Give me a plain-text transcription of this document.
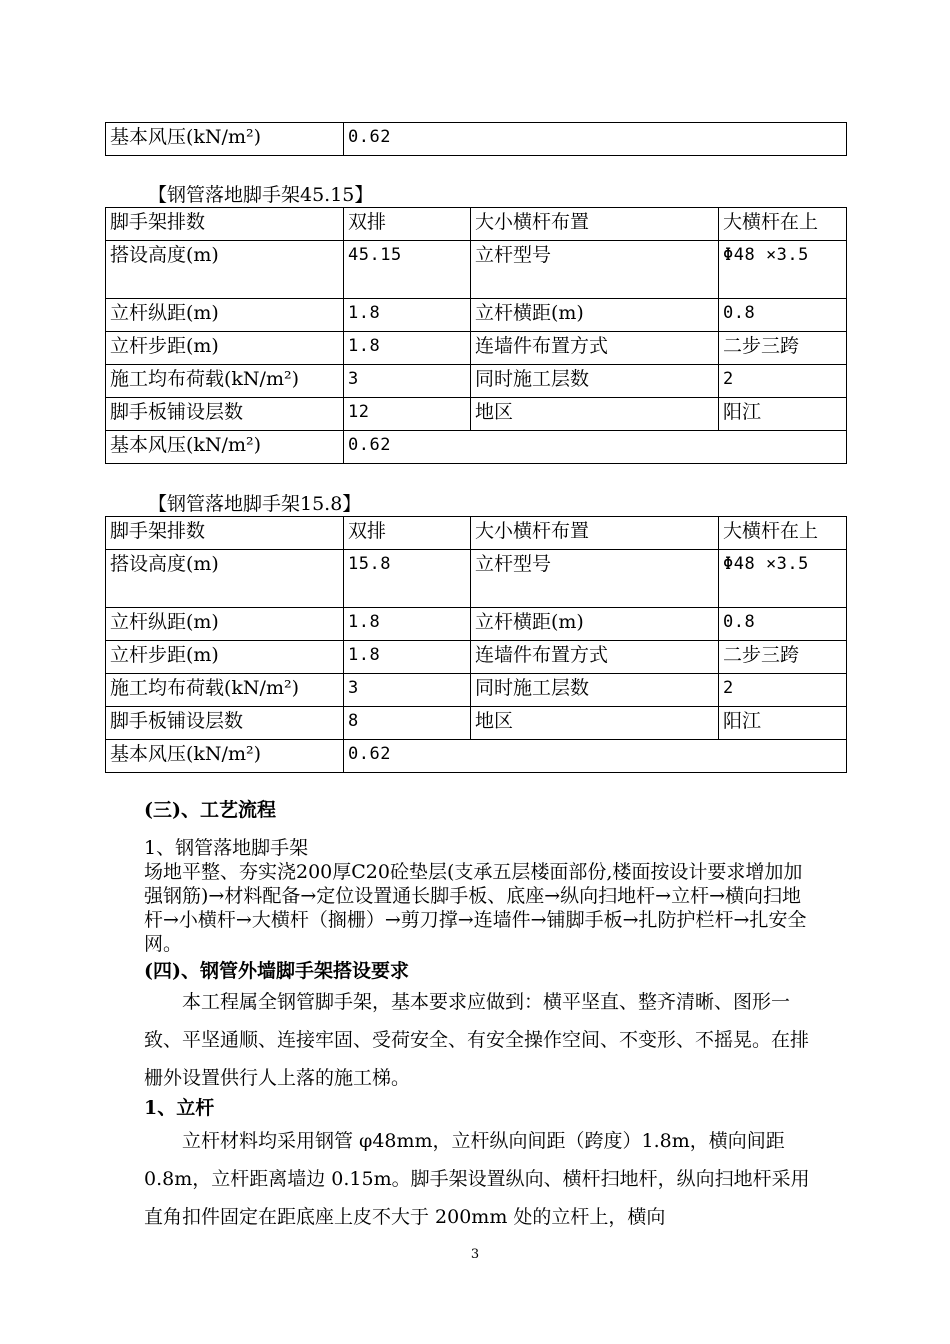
基本风压(kN/m²)	0.62
【钢管落地脚手架45.15】
脚手架排数	双排	大小横杆布置	大横杆在上
搭设高度(m)	45.15	立杆型号	Φ48 ×3.5
立杆纵距(m)	1.8	立杆横距(m)	0.8
立杆步距(m)	1.8	连墙件布置方式	二步三跨
施工均布荷载(kN/m²)	3	同时施工层数	2
脚手板铺设层数	12	地区	阳江
基本风压(kN/m²)	0.62		
【钢管落地脚手架15.8】
脚手架排数	双排	大小横杆布置	大横杆在上
搭设高度(m)	15.8	立杆型号	Φ48 ×3.5
立杆纵距(m)	1.8	立杆横距(m)	0.8
立杆步距(m)	1.8	连墙件布置方式	二步三跨
施工均布荷载(kN/m²)	3	同时施工层数	2
脚手板铺设层数	8	地区	阳江
基本风压(kN/m²)	0.62		
(三)、工艺流程
1、钢管落地脚手架
场地平整、夯实浇200厚C20砼垫层(支承五层楼面部份,楼面按设计要求增加加强钢筋)→材料配备→定位设置通长脚手板、底座→纵向扫地杆→立杆→横向扫地杆→小横杆→大横杆（搁栅）→剪刀撑→连墙件→铺脚手板→扎防护栏杆→扎安全网。
(四)、钢管外墙脚手架搭设要求
本工程属全钢管脚手架，基本要求应做到：横平坚直、整齐清晰、图形一致、平坚通顺、连接牢固、受荷安全、有安全操作空间、不变形、不摇晃。在排栅外设置供行人上落的施工梯。
1、立杆
立杆材料均采用钢管 φ48mm，立杆纵向间距（跨度）1.8m，横向间距 0.8m，立杆距离墙边 0.15m。脚手架设置纵向、横杆扫地杆，纵向扫地杆采用直角扣件固定在距底座上皮不大于 200mm 处的立杆上，横向
3
